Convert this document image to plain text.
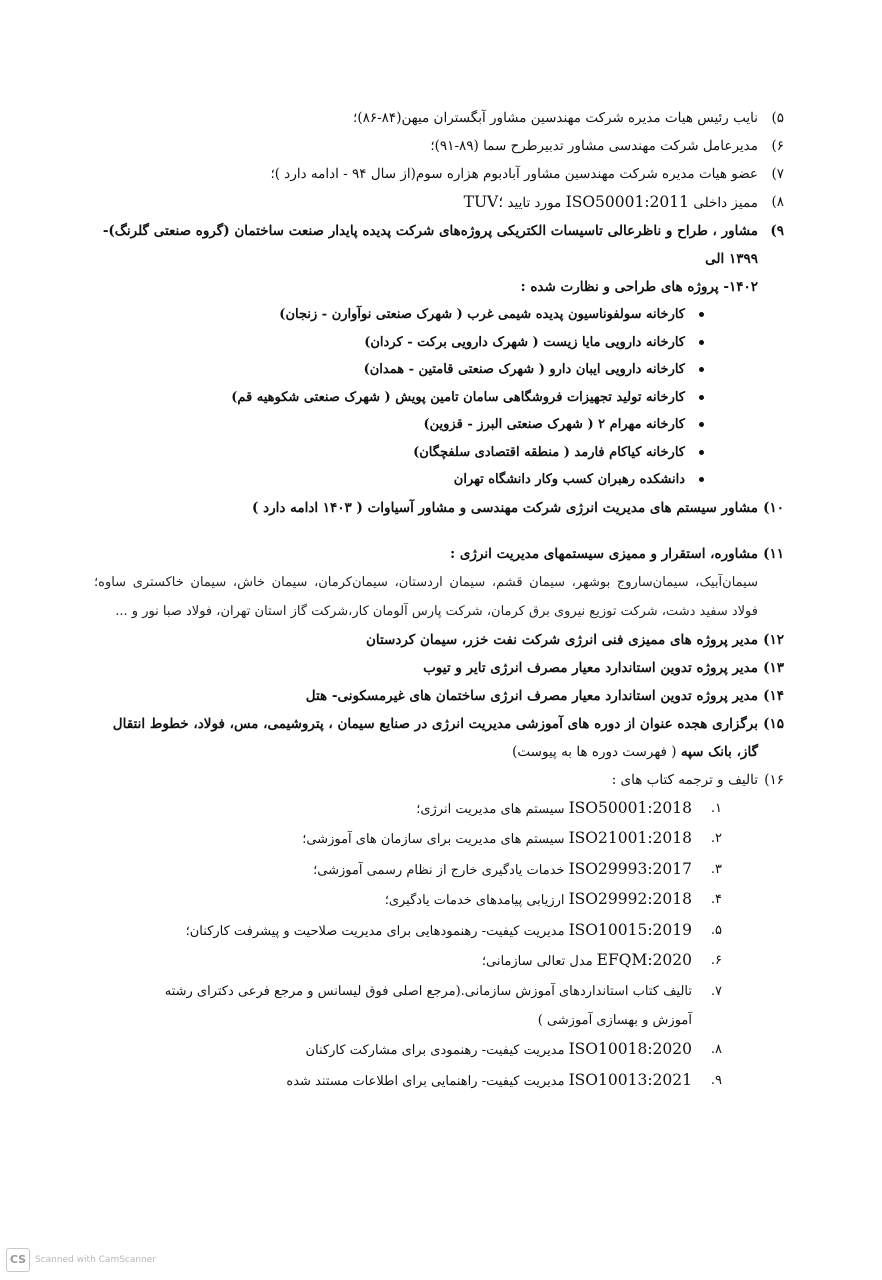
۵)
نایب رئیس هیات مدیره شرکت مهندسین مشاور آبگستران میهن(۸۴-۸۶)؛
۶)
مدیرعامل شرکت مهندسی مشاور تدبیرطرح سما (۸۹-۹۱)؛
۷)
عضو هیات مدیره شرکت مهندسین مشاور آبادبوم هزاره سوم(از سال ۹۴ - ادامه دارد )؛
۸)
ممیز داخلی ISO50001:2011 مورد تایید TUV؛
۹)
مشاور ، طراح و ناظرعالی تاسیسات الکتریکی پروژه‌های شرکت پدیده پایدار صنعت ساختمان (گروه صنعتی گلرنگ)- ۱۳۹۹ الی
۱۴۰۲- پروژه های طراحی و نظارت شده :
کارخانه سولفوناسیون پدیده شیمی غرب ( شهرک صنعتی نوآوارن - زنجان)
کارخانه دارویی مایا زیست ( شهرک دارویی برکت - کردان)
کارخانه دارویی ایبان دارو ( شهرک صنعتی قامتین - همدان)
کارخانه تولید تجهیزات فروشگاهی سامان تامین پویش ( شهرک صنعتی شکوهیه قم)
کارخانه مهرام ۲ ( شهرک صنعتی البرز - قزوین)
کارخانه کیاکام فارمد ( منطقه اقتصادی سلفچگان)
دانشکده رهبران کسب وکار دانشگاه تهران
۱۰)
مشاور سیستم های مدیریت انرژی شرکت مهندسی و مشاور آسیاوات ( ۱۴۰۳ ادامه دارد )
۱۱)
مشاوره، استقرار و ممیزی سیستمهای مدیریت انرژی :
سیمان‌آبیک، سیمان‌ساروج بوشهر، سیمان قشم، سیمان اردستان، سیمان‌کرمان، سیمان خاش، سیمان خاکستری ساوه؛ فولاد سفید دشت، شرکت توزیع نیروی برق کرمان، شرکت پارس آلومان کار،شرکت گاز استان تهران، فولاد صبا نور و ...
۱۲)
مدیر پروژه های ممیزی فنی انرژی شرکت نفت خزر، سیمان کردستان
۱۳)
مدیر پروژه تدوین استاندارد معیار مصرف انرژی تایر و تیوب
۱۴)
مدیر پروژه تدوین استاندارد معیار مصرف انرژی ساختمان های غیرمسکونی- هتل
۱۵)
برگزاری هجده عنوان از دوره های آموزشی مدیریت انرژی در صنایع سیمان ، پتروشیمی، مس، فولاد، خطوط انتقال
گاز، بانک سپه ( فهرست دوره ها به پیوست)
۱۶)
تالیف و ترجمه کتاب های :
۱.
ISO50001:2018سیستم های مدیریت انرژی؛
۲.
ISO21001:2018سیستم های مدیریت برای سازمان های آموزشی؛
۳.
ISO29993:2017خدمات یادگیری خارج از نظام رسمی آموزشی؛
۴.
ISO29992:2018ارزیابی پیامدهای خدمات یادگیری؛
۵.
ISO10015:2019مدیریت کیفیت- رهنمودهایی برای مدیریت صلاحیت و پیشرفت کارکنان؛
۶.
EFQM:2020مدل تعالی سازمانی؛
۷.
تالیف کتاب استانداردهای آموزش سازمانی.(مرجع اصلی فوق لیسانس و مرجع فرعی دکترای رشته
آموزش و بهسازی آموزشی )
۸.
ISO10018:2020مدیریت کیفیت- رهنمودی برای مشارکت کارکنان
۹.
ISO10013:2021مدیریت کیفیت- راهنمایی برای اطلاعات مستند شده
CS Scanned with CamScanner
